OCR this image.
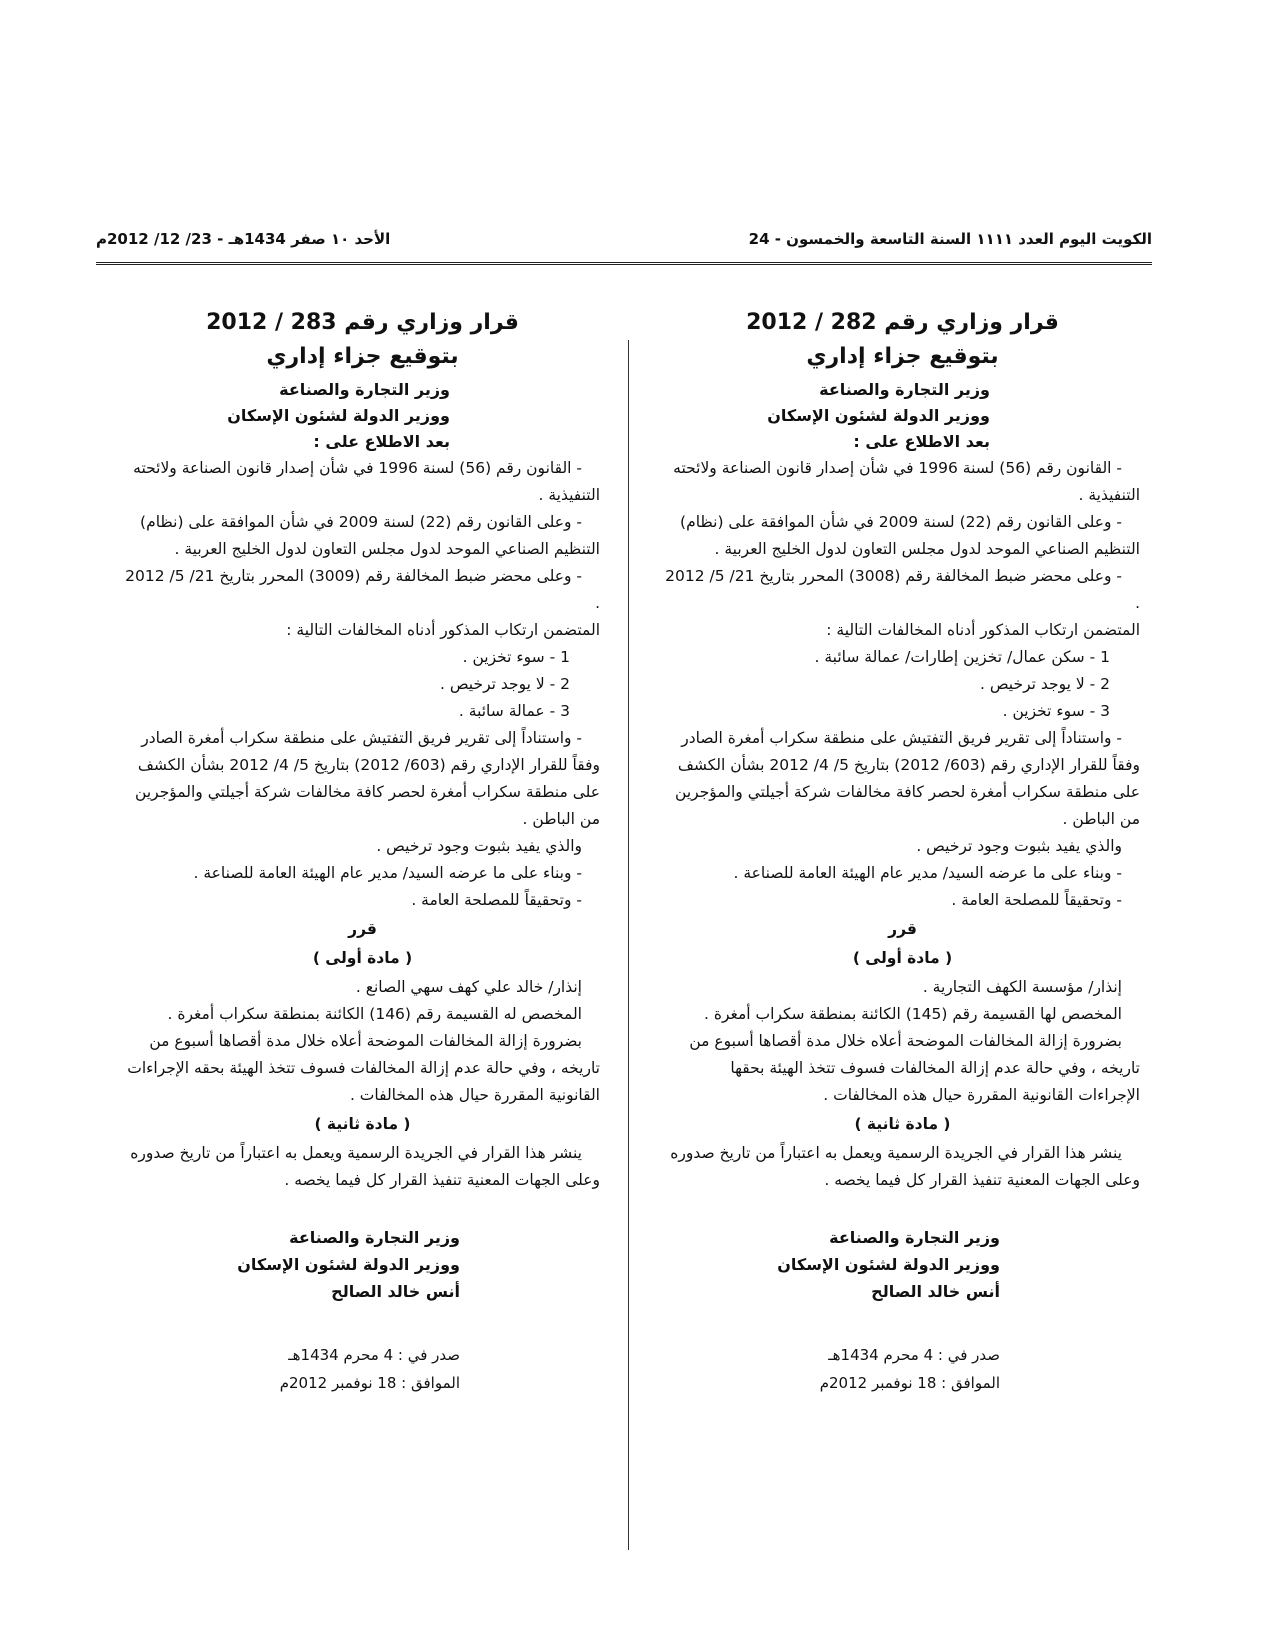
الكويت اليوم العدد ١١١١ السنة التاسعة والخمسون - 24
الأحد ١٠ صفر 1434هـ - 23/ 12/ 2012م
قرار وزاري رقم 282 / 2012
بتوقيع جزاء إداري
وزير التجارة والصناعة
ووزير الدولة لشئون الإسكان
بعد الاطلاع على :

- القانون رقم (56) لسنة 1996 في شأن إصدار قانون الصناعة ولائحته التنفيذية .

- وعلى القانون رقم (22) لسنة 2009 في شأن الموافقة على (نظام) التنظيم الصناعي الموحد لدول مجلس التعاون لدول الخليج العربية .

- وعلى محضر ضبط المخالفة رقم (3008) المحرر بتاريخ 21/ 5/ 2012 .

المتضمن ارتكاب المذكور أدناه المخالفات التالية :

1 - سكن عمال/ تخزين إطارات/ عمالة سائبة .

2 - لا يوجد ترخيص .

3 - سوء تخزين .

- واستناداً إلى تقرير فريق التفتيش على منطقة سكراب أمغرة الصادر وفقاً للقرار الإداري رقم (603/ 2012) بتاريخ 5/ 4/ 2012 بشأن الكشف على منطقة سكراب أمغرة لحصر كافة مخالفات شركة أجيلتي والمؤجرين من الباطن .

والذي يفيد بثبوت وجود ترخيص .

- وبناء على ما عرضه السيد/ مدير عام الهيئة العامة للصناعة .

- وتحقيقاً للمصلحة العامة .

قرر
( مادة أولى )

إنذار/ مؤسسة الكهف التجارية .

المخصص لها القسيمة رقم (145) الكائنة بمنطقة سكراب أمغرة .

بضرورة إزالة المخالفات الموضحة أعلاه خلال مدة أقصاها أسبوع من تاريخه ، وفي حالة عدم إزالة المخالفات فسوف تتخذ الهيئة بحقها الإجراءات القانونية المقررة حيال هذه المخالفات .

( مادة ثانية )

ينشر هذا القرار في الجريدة الرسمية ويعمل به اعتباراً من تاريخ صدوره وعلى الجهات المعنية تنفيذ القرار كل فيما يخصه .

وزير التجارة والصناعة
ووزير الدولة لشئون الإسكان
أنس خالد الصالح
صدر في : 4 محرم 1434هـ
الموافق : 18 نوفمبر 2012م
قرار وزاري رقم 283 / 2012
بتوقيع جزاء إداري
وزير التجارة والصناعة
ووزير الدولة لشئون الإسكان
بعد الاطلاع على :

- القانون رقم (56) لسنة 1996 في شأن إصدار قانون الصناعة ولائحته التنفيذية .

- وعلى القانون رقم (22) لسنة 2009 في شأن الموافقة على (نظام) التنظيم الصناعي الموحد لدول مجلس التعاون لدول الخليج العربية .

- وعلى محضر ضبط المخالفة رقم (3009) المحرر بتاريخ 21/ 5/ 2012 .

المتضمن ارتكاب المذكور أدناه المخالفات التالية :

1 - سوء تخزين .

2 - لا يوجد ترخيص .

3 - عمالة سائبة .

- واستناداً إلى تقرير فريق التفتيش على منطقة سكراب أمغرة الصادر وفقاً للقرار الإداري رقم (603/ 2012) بتاريخ 5/ 4/ 2012 بشأن الكشف على منطقة سكراب أمغرة لحصر كافة مخالفات شركة أجيلتي والمؤجرين من الباطن .

والذي يفيد بثبوت وجود ترخيص .

- وبناء على ما عرضه السيد/ مدير عام الهيئة العامة للصناعة .

- وتحقيقاً للمصلحة العامة .

قرر
( مادة أولى )

إنذار/ خالد علي كهف سهي الصانع .

المخصص له القسيمة رقم (146) الكائنة بمنطقة سكراب أمغرة .

بضرورة إزالة المخالفات الموضحة أعلاه خلال مدة أقصاها أسبوع من تاريخه ، وفي حالة عدم إزالة المخالفات فسوف تتخذ الهيئة بحقه الإجراءات القانونية المقررة حيال هذه المخالفات .

( مادة ثانية )

ينشر هذا القرار في الجريدة الرسمية ويعمل به اعتباراً من تاريخ صدوره وعلى الجهات المعنية تنفيذ القرار كل فيما يخصه .

وزير التجارة والصناعة
ووزير الدولة لشئون الإسكان
أنس خالد الصالح
صدر في : 4 محرم 1434هـ
الموافق : 18 نوفمبر 2012م
